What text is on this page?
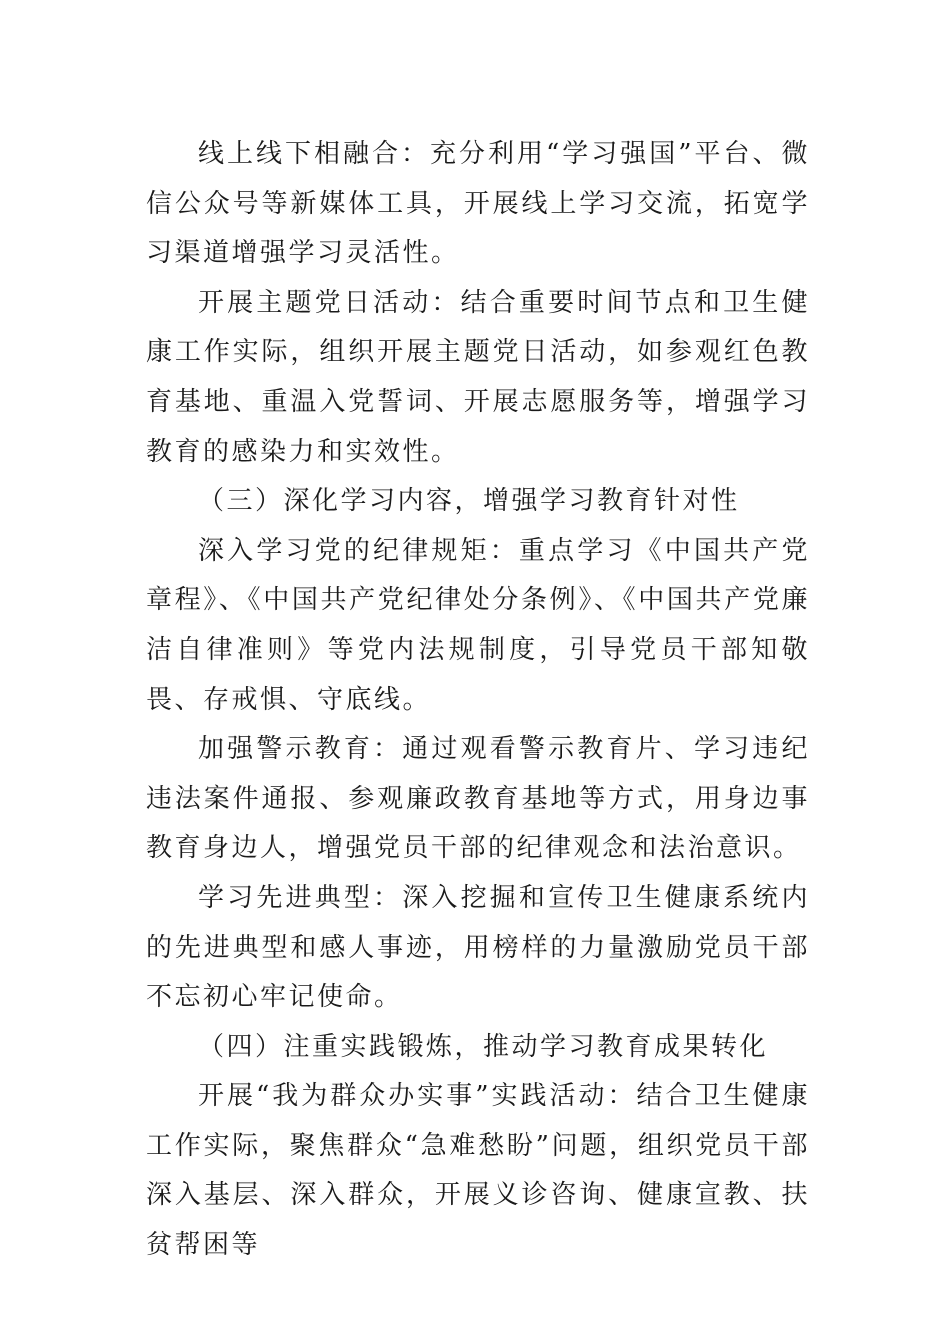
线上线下相融合：充分利用“学习强国”平台、微信公众号等新媒体工具，开展线上学习交流，拓宽学习渠道增强学习灵活性。

开展主题党日活动：结合重要时间节点和卫生健康工作实际，组织开展主题党日活动，如参观红色教育基地、重温入党誓词、开展志愿服务等，增强学习教育的感染力和实效性。

（三）深化学习内容，增强学习教育针对性

深入学习党的纪律规矩：重点学习《中国共产党章程》、《中国共产党纪律处分条例》、《中国共产党廉洁自律准则》等党内法规制度，引导党员干部知敬畏、存戒惧、守底线。

加强警示教育：通过观看警示教育片、学习违纪违法案件通报、参观廉政教育基地等方式，用身边事教育身边人，增强党员干部的纪律观念和法治意识。

学习先进典型：深入挖掘和宣传卫生健康系统内的先进典型和感人事迹，用榜样的力量激励党员干部不忘初心牢记使命。

（四）注重实践锻炼，推动学习教育成果转化

开展“我为群众办实事”实践活动：结合卫生健康工作实际，聚焦群众“急难愁盼”问题，组织党员干部深入基层、深入群众，开展义诊咨询、健康宣教、扶贫帮困等
